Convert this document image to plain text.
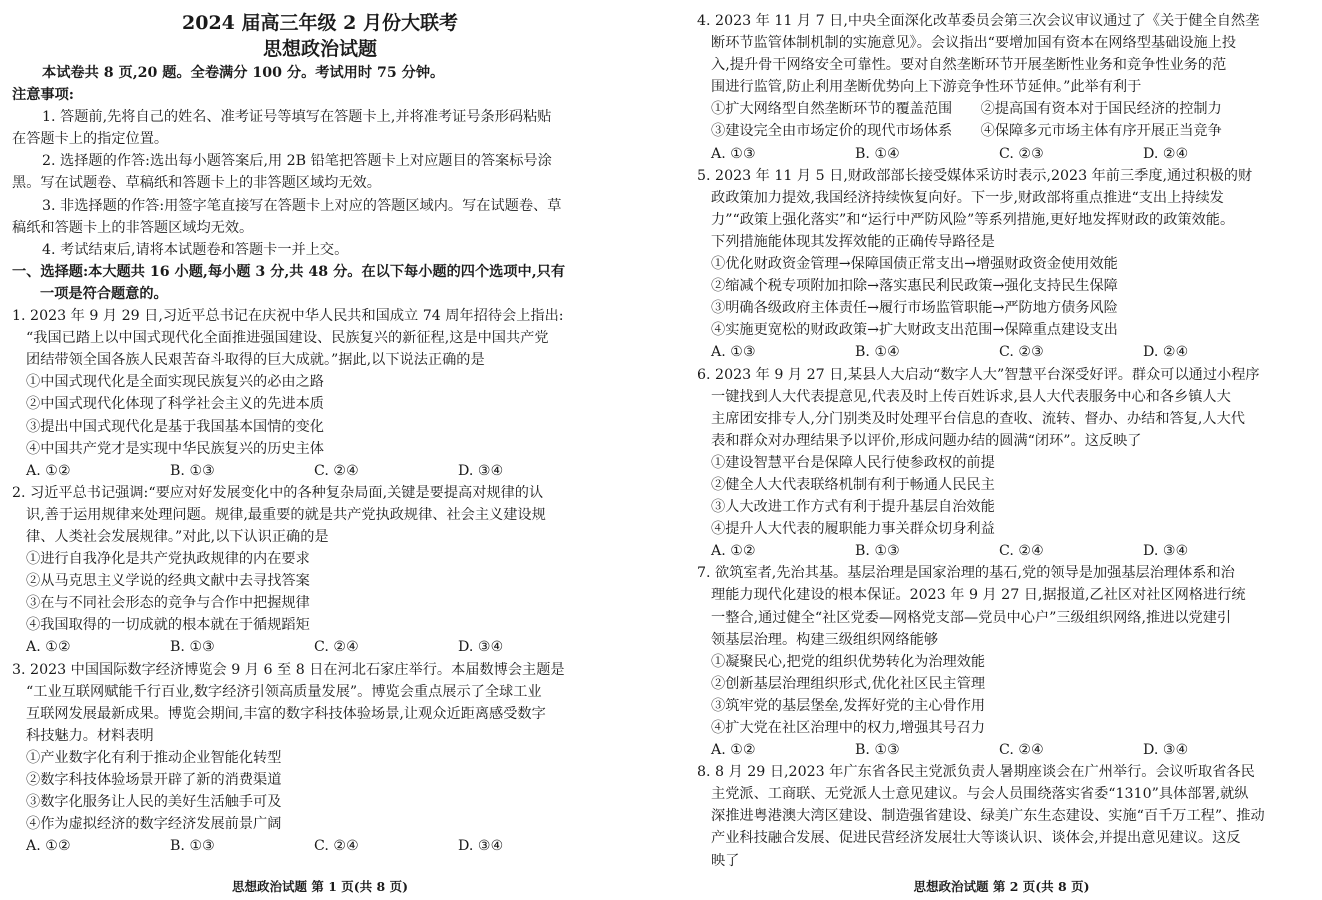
2024 届高三年级 2 月份大联考
思想政治试题
本试卷共 8 页,20 题。全卷满分 100 分。考试用时 75 分钟。
注意事项:
1. 答题前,先将自己的姓名、准考证号等填写在答题卡上,并将准考证号条形码粘贴
在答题卡上的指定位置。
2. 选择题的作答:选出每小题答案后,用 2B 铅笔把答题卡上对应题目的答案标号涂
黑。写在试题卷、草稿纸和答题卡上的非答题区域均无效。
3. 非选择题的作答:用签字笔直接写在答题卡上对应的答题区域内。写在试题卷、草
稿纸和答题卡上的非答题区域均无效。
4. 考试结束后,请将本试题卷和答题卡一并上交。
一、选择题:本大题共 16 小题,每小题 3 分,共 48 分。在以下每小题的四个选项中,只有
一项是符合题意的。
1. 2023 年 9 月 29 日,习近平总书记在庆祝中华人民共和国成立 74 周年招待会上指出:
“我国已踏上以中国式现代化全面推进强国建设、民族复兴的新征程,这是中国共产党
团结带领全国各族人民艰苦奋斗取得的巨大成就。”据此,以下说法正确的是
①中国式现代化是全面实现民族复兴的必由之路
②中国式现代化体现了科学社会主义的先进本质
③提出中国式现代化是基于我国基本国情的变化
④中国共产党才是实现中华民族复兴的历史主体
A. ①②	B. ①③	C. ②④	D. ③④
2. 习近平总书记强调:“要应对好发展变化中的各种复杂局面,关键是要提高对规律的认
识,善于运用规律来处理问题。规律,最重要的就是共产党执政规律、社会主义建设规
律、人类社会发展规律。”对此,以下认识正确的是
①进行自我净化是共产党执政规律的内在要求
②从马克思主义学说的经典文献中去寻找答案
③在与不同社会形态的竞争与合作中把握规律
④我国取得的一切成就的根本就在于循规蹈矩
A. ①②	B. ①③	C. ②④	D. ③④
3. 2023 中国国际数字经济博览会 9 月 6 至 8 日在河北石家庄举行。本届数博会主题是
“工业互联网赋能千行百业,数字经济引领高质量发展”。博览会重点展示了全球工业
互联网发展最新成果。博览会期间,丰富的数字科技体验场景,让观众近距离感受数字
科技魅力。材料表明
①产业数字化有利于推动企业智能化转型
②数字科技体验场景开辟了新的消费渠道
③数字化服务让人民的美好生活触手可及
④作为虚拟经济的数字经济发展前景广阔
A. ①②	B. ①③	C. ②④	D. ③④
思想政治试题 第 1 页(共 8 页)
4. 2023 年 11 月 7 日,中央全面深化改革委员会第三次会议审议通过了《关于健全自然垄
断环节监管体制机制的实施意见》。会议指出“要增加国有资本在网络型基础设施上投
入,提升骨干网络安全可靠性。要对自然垄断环节开展垄断性业务和竞争性业务的范
围进行监管,防止利用垄断优势向上下游竞争性环节延伸。”此举有利于
①扩大网络型自然垄断环节的覆盖范围　　②提高国有资本对于国民经济的控制力
③建设完全由市场定价的现代市场体系　　④保障多元市场主体有序开展正当竞争
A. ①③	B. ①④	C. ②③	D. ②④
5. 2023 年 11 月 5 日,财政部部长接受媒体采访时表示,2023 年前三季度,通过积极的财
政政策加力提效,我国经济持续恢复向好。下一步,财政部将重点推进“支出上持续发
力”“政策上强化落实”和“运行中严防风险”等系列措施,更好地发挥财政的政策效能。
下列措施能体现其发挥效能的正确传导路径是
①优化财政资金管理→保障国债正常支出→增强财政资金使用效能
②缩减个税专项附加扣除→落实惠民利民政策→强化支持民生保障
③明确各级政府主体责任→履行市场监管职能→严防地方债务风险
④实施更宽松的财政政策→扩大财政支出范围→保障重点建设支出
A. ①③	B. ①④	C. ②③	D. ②④
6. 2023 年 9 月 27 日,某县人大启动“数字人大”智慧平台深受好评。群众可以通过小程序
一键找到人大代表提意见,代表及时上传百姓诉求,县人大代表服务中心和各乡镇人大
主席团安排专人,分门别类及时处理平台信息的查收、流转、督办、办结和答复,人大代
表和群众对办理结果予以评价,形成问题办结的圆满“闭环”。这反映了
①建设智慧平台是保障人民行使参政权的前提
②健全人大代表联络机制有利于畅通人民民主
③人大改进工作方式有利于提升基层自治效能
④提升人大代表的履职能力事关群众切身利益
A. ①②	B. ①③	C. ②④	D. ③④
7. 欲筑室者,先治其基。基层治理是国家治理的基石,党的领导是加强基层治理体系和治
理能力现代化建设的根本保证。2023 年 9 月 27 日,据报道,乙社区对社区网格进行统
一整合,通过健全“社区党委—网格党支部—党员中心户”三级组织网络,推进以党建引
领基层治理。构建三级组织网络能够
①凝聚民心,把党的组织优势转化为治理效能
②创新基层治理组织形式,优化社区民主管理
③筑牢党的基层堡垒,发挥好党的主心骨作用
④扩大党在社区治理中的权力,增强其号召力
A. ①②	B. ①③	C. ②④	D. ③④
8. 8 月 29 日,2023 年广东省各民主党派负责人暑期座谈会在广州举行。会议听取省各民
主党派、工商联、无党派人士意见建议。与会人员围绕落实省委“1310”具体部署,就纵
深推进粤港澳大湾区建设、制造强省建设、绿美广东生态建设、实施“百千万工程”、推动
产业科技融合发展、促进民营经济发展壮大等谈认识、谈体会,并提出意见建议。这反
映了
思想政治试题 第 2 页(共 8 页)
